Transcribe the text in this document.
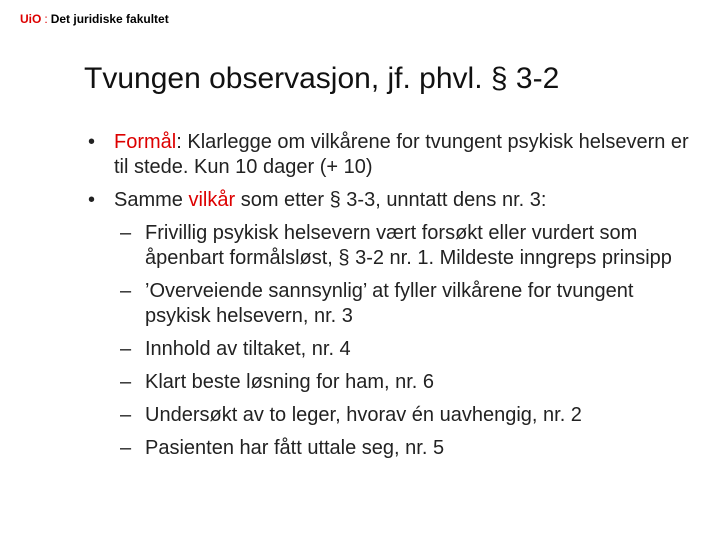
UiO : Det juridiske fakultet
Tvungen observasjon, jf. phvl. § 3-2
• Formål: Klarlegge om vilkårene for tvungent psykisk helsevern er til stede. Kun 10 dager (+ 10)
• Samme vilkår som etter § 3-3, unntatt dens nr. 3:
– Frivillig psykisk helsevern vært forsøkt eller vurdert som åpenbart formålsløst, § 3-2 nr. 1. Mildeste inngreps prinsipp
– ’Overveiende sannsynlig’ at fyller vilkårene for tvungent psykisk helsevern, nr. 3
– Innhold av tiltaket, nr. 4
– Klart beste løsning for ham, nr. 6
– Undersøkt av to leger, hvorav én uavhengig, nr. 2
– Pasienten har fått uttale seg, nr. 5
